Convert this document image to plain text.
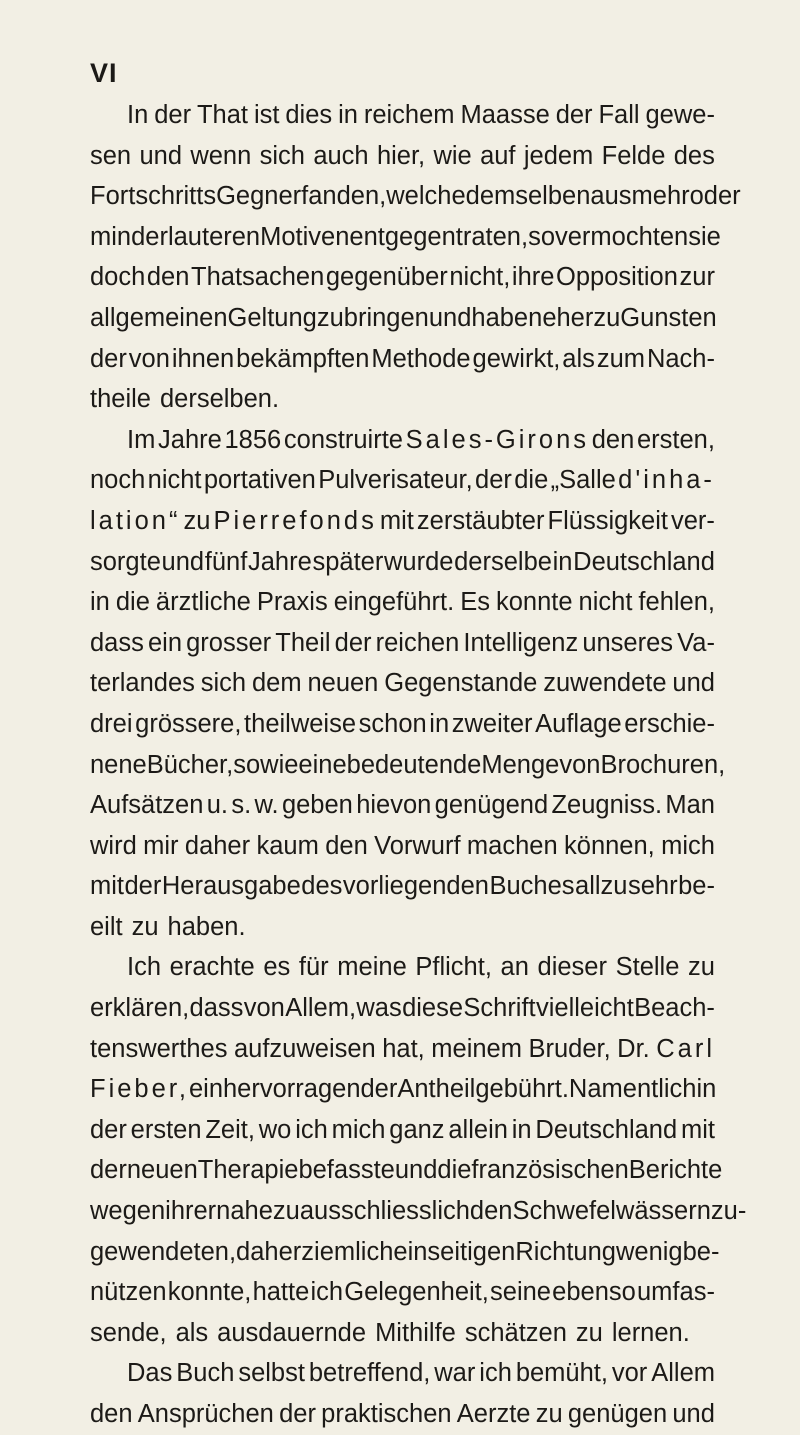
VI
In der That ist dies in reichem Maasse der Fall gewe-
sen und wenn sich auch hier, wie auf jedem Felde des
Fortschritts Gegner fanden, welche demselben aus mehr oder
minder lauteren Motiven entgegentraten, so vermochten sie
doch den Thatsachen gegenüber nicht, ihre Opposition zur
allgemeinen Geltung zu bringen und haben eher zu Gunsten
der von ihnen bekämpften Methode gewirkt, als zum Nach-
theile derselben.
Im Jahre 1856 construirte Sales-Girons den ersten,
noch nicht portativen Pulverisateur, der die „Salle d'inha-
lation“ zu Pierrefonds mit zerstäubter Flüssigkeit ver-
sorgte und fünf Jahre später wurde derselbe in Deutschland
in die ärztliche Praxis eingeführt. Es konnte nicht fehlen,
dass ein grosser Theil der reichen Intelligenz unseres Va-
terlandes sich dem neuen Gegenstande zuwendete und
drei grössere, theilweise schon in zweiter Auflage erschie-
nene Bücher, sowie eine bedeutende Menge von Brochuren,
Aufsätzen u. s. w. geben hievon genügend Zeugniss. Man
wird mir daher kaum den Vorwurf machen können, mich
mit der Herausgabe des vorliegenden Buches allzu sehr be-
eilt zu haben.
Ich erachte es für meine Pflicht, an dieser Stelle zu
erklären, dass von Allem, was diese Schrift vielleicht Beach-
tenswerthes aufzuweisen hat, meinem Bruder, Dr. Carl
Fieber, ein hervorragender Antheil gebührt. Namentlich in
der ersten Zeit, wo ich mich ganz allein in Deutschland mit
der neuen Therapie befasste und die französischen Berichte
wegen ihrer nahezu ausschliesslich den Schwefelwässern zu-
gewendeten, daher ziemlich einseitigen Richtung wenig be-
nützen konnte, hatte ich Gelegenheit, seine ebenso umfas-
sende, als ausdauernde Mithilfe schätzen zu lernen.
Das Buch selbst betreffend, war ich bemüht, vor Allem
den Ansprüchen der praktischen Aerzte zu genügen und
